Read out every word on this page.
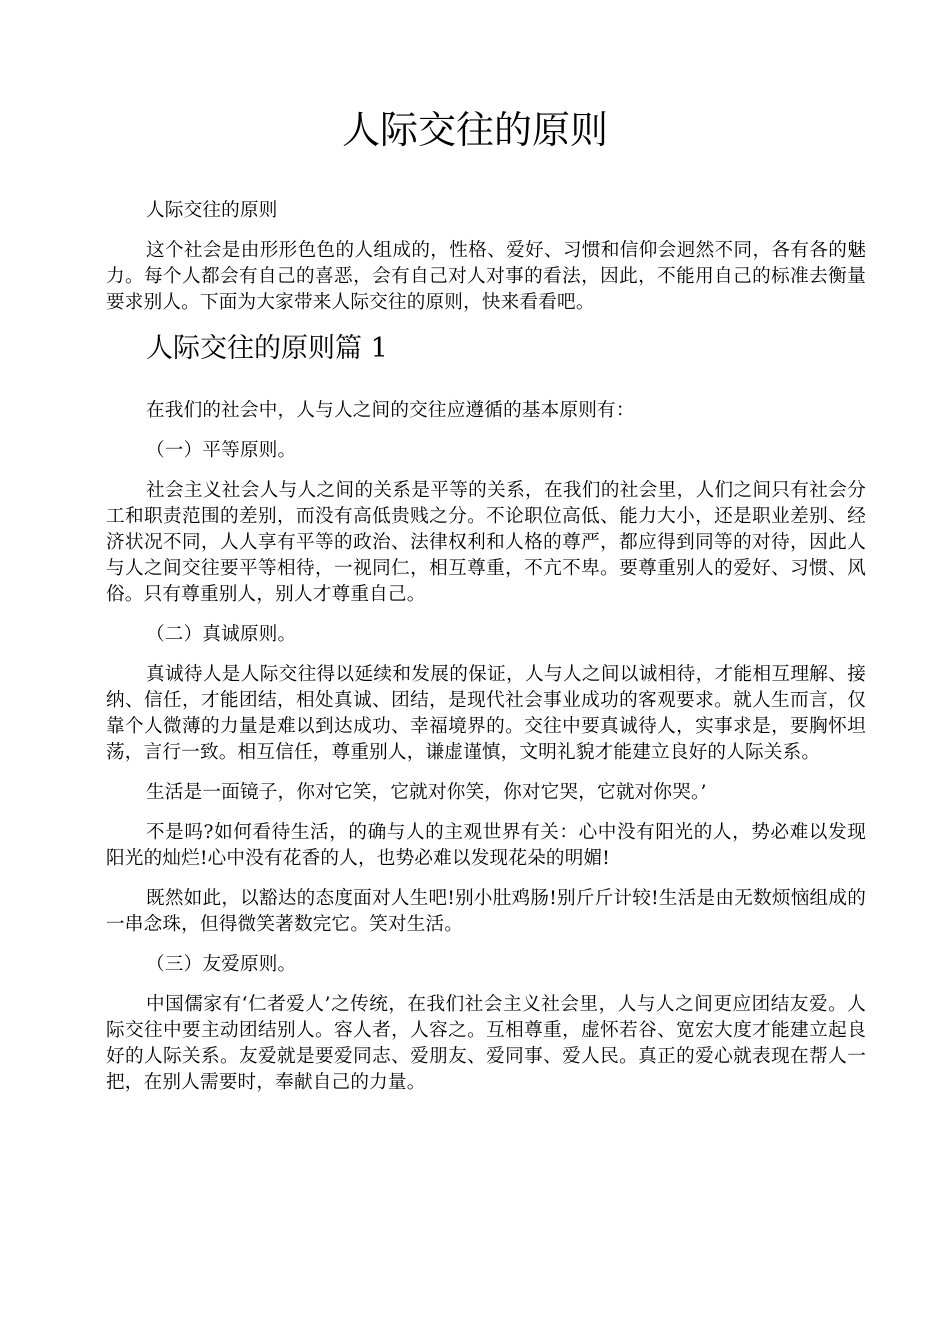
人际交往的原则

人际交往的原则

这个社会是由形形色色的人组成的，性格、爱好、习惯和信仰会迥然不同，各有各的魅力。每个人都会有自己的喜恶，会有自己对人对事的看法，因此，不能用自己的标准去衡量要求别人。下面为大家带来人际交往的原则，快来看看吧。

人际交往的原则篇 1

在我们的社会中，人与人之间的交往应遵循的基本原则有：

（一）平等原则。

社会主义社会人与人之间的关系是平等的关系，在我们的社会里，人们之间只有社会分工和职责范围的差别，而没有高低贵贱之分。不论职位高低、能力大小，还是职业差别、经济状况不同，人人享有平等的政治、法律权利和人格的尊严，都应得到同等的对待，因此人与人之间交往要平等相待，一视同仁，相互尊重，不亢不卑。要尊重别人的爱好、习惯、风俗。只有尊重别人，别人才尊重自己。

（二）真诚原则。

真诚待人是人际交往得以延续和发展的保证，人与人之间以诚相待，才能相互理解、接纳、信任，才能团结，相处真诚、团结，是现代社会事业成功的客观要求。就人生而言，仅靠个人微薄的力量是难以到达成功、幸福境界的。交往中要真诚待人，实事求是，要胸怀坦荡，言行一致。相互信任，尊重别人，谦虚谨慎，文明礼貌才能建立良好的人际关系。

生活是一面镜子，你对它笑，它就对你笑，你对它哭，它就对你哭。’

不是吗?如何看待生活，的确与人的主观世界有关：心中没有阳光的人，势必难以发现阳光的灿烂!心中没有花香的人，也势必难以发现花朵的明媚!

既然如此，以豁达的态度面对人生吧!别小肚鸡肠!别斤斤计较!生活是由无数烦恼组成的一串念珠，但得微笑著数完它。笑对生活。

（三）友爱原则。

中国儒家有‘仁者爱人’之传统，在我们社会主义社会里，人与人之间更应团结友爱。人际交往中要主动团结别人。容人者，人容之。互相尊重，虚怀若谷、宽宏大度才能建立起良好的人际关系。友爱就是要爱同志、爱朋友、爱同事、爱人民。真正的爱心就表现在帮人一把，在别人需要时，奉献自己的力量。
